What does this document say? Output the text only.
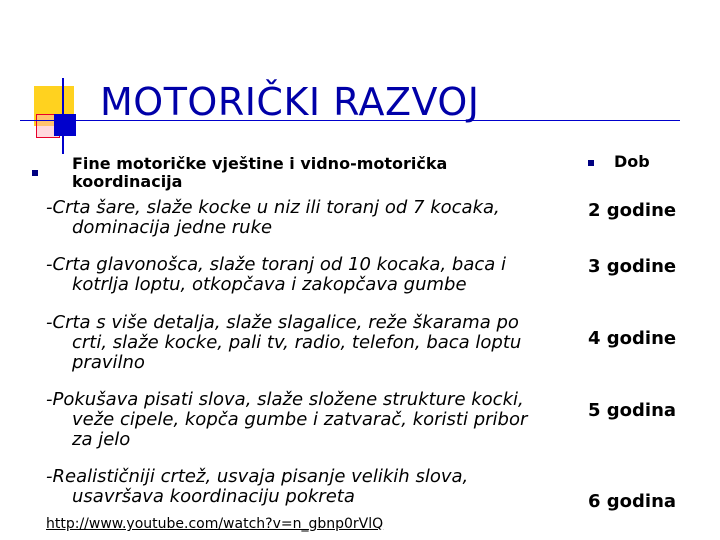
MOTORIČKI RAZVOJ
Fine motoričke vještine i vidno-motorička
koordinacija
Dob
-Crta šare, slaže kocke u niz ili toranj od 7 kocaka,
dominacija jedne ruke
2 godine
-Crta glavonošca, slaže toranj od 10 kocaka, baca i
kotrlja loptu, otkopčava i zakopčava gumbe
3 godine
-Crta s više detalja, slaže slagalice, reže škarama po
crti, slaže kocke, pali tv, radio, telefon, baca loptu
pravilno
4 godine
-Pokušava pisati slova, slaže složene strukture kocki,
veže cipele, kopča gumbe i zatvarač, koristi pribor
za jelo
5 godina
-Realističniji crtež, usvaja pisanje velikih slova,
usavršava koordinaciju pokreta	6 godina
http://www.youtube.com/watch?v=n_gbnp0rVlQ
